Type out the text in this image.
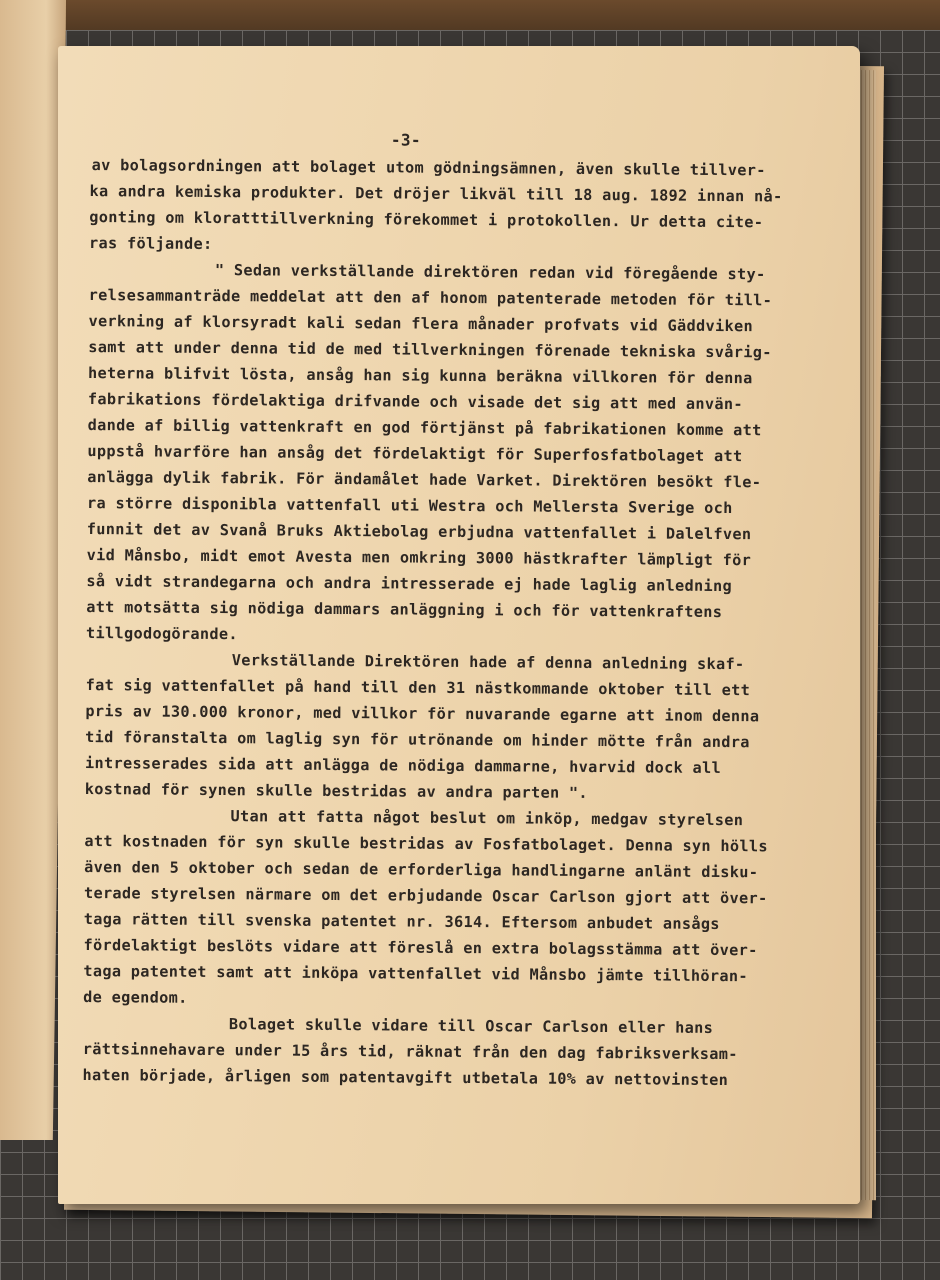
-3-
av bolagsordningen att bolaget utom gödningsämnen, även skulle tillver-
ka andra kemiska produkter. Det dröjer likväl till 18 aug. 1892 innan nå-
gonting om kloratttillverkning förekommet i protokollen. Ur detta cite-
ras följande:
" Sedan verkställande direktören redan vid föregående sty-
relsesammanträde meddelat att den af honom patenterade metoden för till-
verkning af klorsyradt kali sedan flera månader profvats vid Gäddviken
samt att under denna tid de med tillverkningen förenade tekniska svårig-
heterna blifvit lösta, ansåg han sig kunna beräkna villkoren för denna
fabrikations fördelaktiga drifvande och visade det sig att med använ-
dande af billig vattenkraft en god förtjänst på fabrikationen komme att
uppstå hvarföre han ansåg det fördelaktigt för Superfosfatbolaget att
anlägga dylik fabrik. För ändamålet hade Varket. Direktören besökt fle-
ra större disponibla vattenfall uti Westra och Mellersta Sverige och
funnit det av Svanå Bruks Aktiebolag erbjudna vattenfallet i Dalelfven
vid Månsbo, midt emot Avesta men omkring 3000 hästkrafter lämpligt för
så vidt strandegarna och andra intresserade ej hade laglig anledning
att motsätta sig nödiga dammars anläggning i och för vattenkraftens
tillgodogörande.
Verkställande Direktören hade af denna anledning skaf-
fat sig vattenfallet på hand till den 31 nästkommande oktober till ett
pris av 130.000 kronor, med villkor för nuvarande egarne att inom denna
tid föranstalta om laglig syn för utrönande om hinder mötte från andra
intresserades sida att anlägga de nödiga dammarne, hvarvid dock all
kostnad för synen skulle bestridas av andra parten ".
Utan att fatta något beslut om inköp, medgav styrelsen
att kostnaden för syn skulle bestridas av Fosfatbolaget. Denna syn hölls
även den 5 oktober och sedan de erforderliga handlingarne anlänt disku-
terade styrelsen närmare om det erbjudande Oscar Carlson gjort att över-
taga rätten till svenska patentet nr. 3614. Eftersom anbudet ansågs
fördelaktigt beslöts vidare att föreslå en extra bolagsstämma att över-
taga patentet samt att inköpa vattenfallet vid Månsbo jämte tillhöran-
de egendom.
Bolaget skulle vidare till Oscar Carlson eller hans
rättsinnehavare under 15 års tid, räknat från den dag fabriksverksam-
haten började, årligen som patentavgift utbetala 10% av nettovinsten
